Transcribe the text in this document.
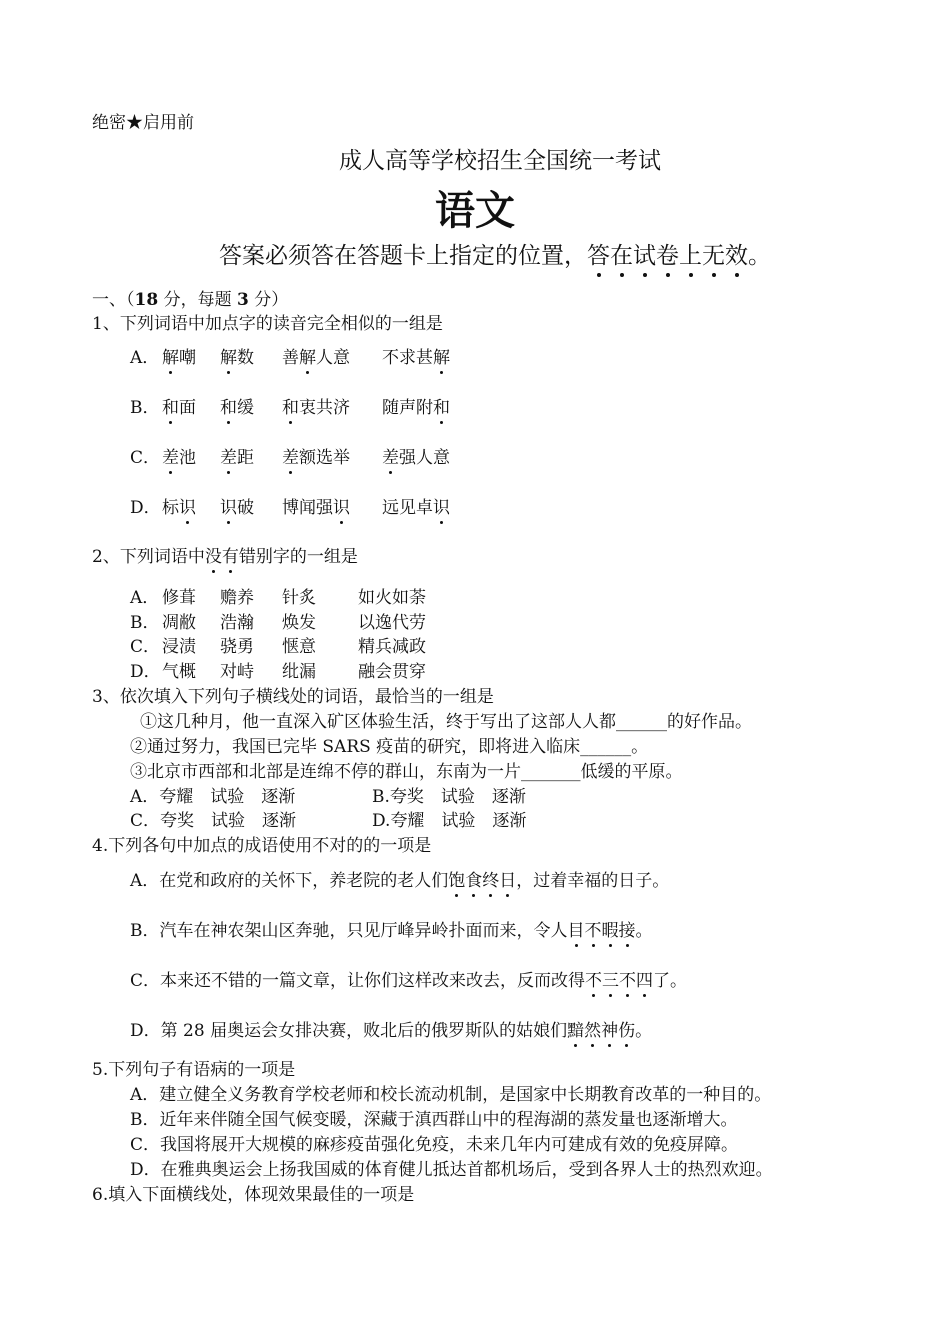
绝密★启用前
成人高等学校招生全国统一考试
语文
答案必须答在答题卡上指定的位置，答在试卷上无效。
一、（18 分，每题 3 分）
1、下列词语中加点字的读音完全相似的一组是
A． 解嘲 解数 善解人意 不求甚解
B． 和面 和缓 和衷共济 随声附和
C． 差池 差距 差额选举 差强人意
D． 标识 识破 博闻强识 远见卓识
2、下列词语中没有错别字的一组是
A． 修葺 赡养 针炙 如火如荼
B． 凋敝 浩瀚 焕发 以逸代劳
C． 浸渍 骁勇 惬意 精兵减政
D． 气概 对峙 纰漏 融会贯穿
3、依次填入下列句子横线处的词语，最恰当的一组是
①这几种月，他一直深入矿区体验生活，终于写出了这部人人都______的好作品。
②通过努力，我国已完毕 SARS 疫苗的研究，即将进入临床______。
③北京市西部和北部是连绵不停的群山，东南为一片_______低缓的平原。
A．夸耀　试验　逐渐	B.夸奖　试验　逐渐
C．夸奖　试验　逐渐	D.夸耀　试验　逐渐
4.下列各句中加点的成语使用不对的的一项是
A．在党和政府的关怀下，养老院的老人们饱食终日，过着幸福的日子。
B．汽车在神农架山区奔驰，只见厅峰异岭扑面而来，令人目不暇接。
C．本来还不错的一篇文章，让你们这样改来改去，反而改得不三不四了。
D．第 28 届奥运会女排决赛，败北后的俄罗斯队的姑娘们黯然神伤。
5.下列句子有语病的一项是
A．建立健全义务教育学校老师和校长流动机制，是国家中长期教育改革的一种目的。
B．近年来伴随全国气候变暖，深藏于滇西群山中的程海湖的蒸发量也逐渐增大。
C．我国将展开大规模的麻疹疫苗强化免疫，未来几年内可建成有效的免疫屏障。
D．在雅典奥运会上扬我国威的体育健儿抵达首都机场后，受到各界人士的热烈欢迎。
6.填入下面横线处，体现效果最佳的一项是
